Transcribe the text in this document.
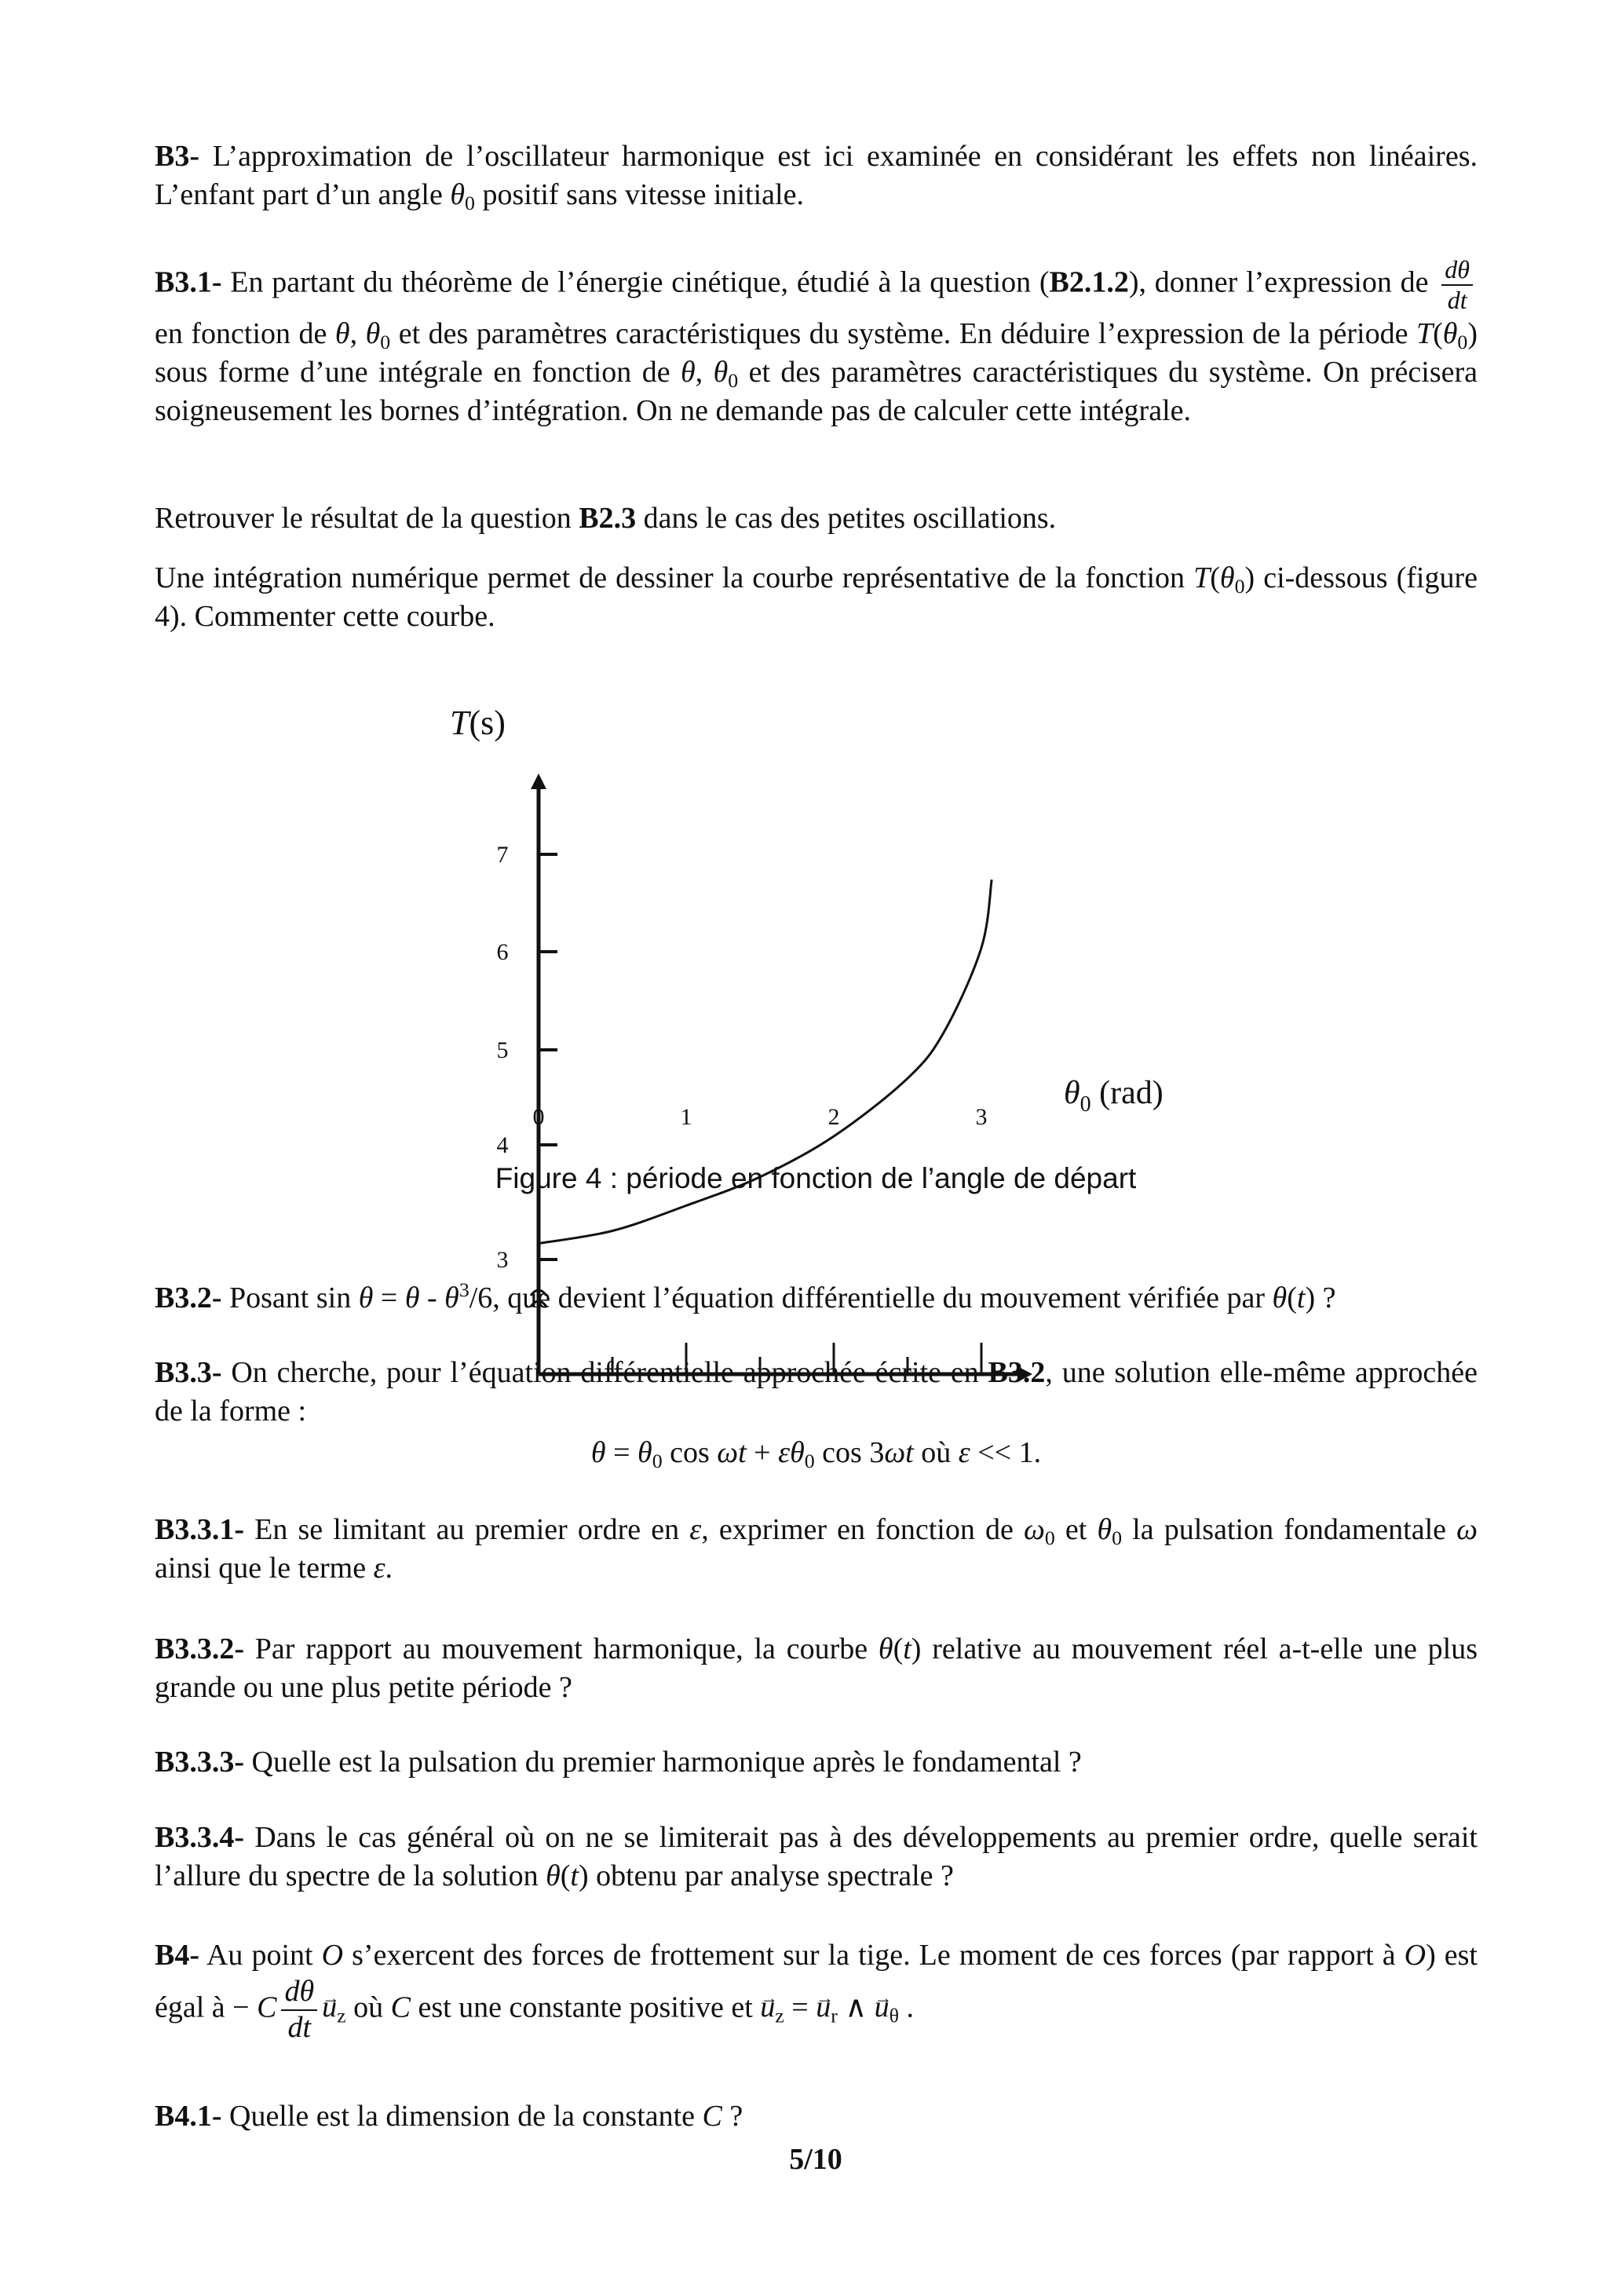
B3- L’approximation de l’oscillateur harmonique est ici examinée en considérant les effets non linéaires. L’enfant part d’un angle $\theta_0$ positif sans vitesse initiale.
B3.1- En partant du théorème de l’énergie cinétique, étudié à la question (B2.1.2), donner l’expression de $\frac{d\theta}{dt}$
en fonction de θ, $\theta_0$ et des paramètres caractéristiques du système. En déduire l’expression de la période $T(\theta_0)$ sous forme d’une intégrale en fonction de θ, $\theta_0$ et des paramètres caractéristiques du système. On précisera soigneusement les bornes d’intégration. On ne demande pas de calculer cette intégrale.
Retrouver le résultat de la question B2.3 dans le cas des petites oscillations.
Une intégration numérique permet de dessiner la courbe représentative de la fonction $T(\theta_0)$ ci-dessous (figure 4). Commenter cette courbe.
0	1	2	3
3
4
5
6
7
T(s)
$\theta_0$ (rad)
Figure 4 : période en fonction de l’angle de départ
B3.2- Posant $\sin \theta = \theta - \theta^3/6$, que devient l’équation différentielle du mouvement vérifiée par θ(t) ?
B3.3- On cherche, pour l’équation différentielle approchée écrite en B3.2, une solution elle-même approchée de la forme :
$\theta = \theta_0$ $\cos \omega t + \varepsilon\theta_0$ cos 3ωt où ε << 1.
B3.3.1- En se limitant au premier ordre en ε, exprimer en fonction de $\omega_0$ et $\theta_0$ la pulsation fondamentale ω ainsi que le terme ε.
B3.3.2- Par rapport au mouvement harmonique, la courbe θ(t) relative au mouvement réel a-t-elle une plus grande ou une plus petite période ?
B3.3.3- Quelle est la pulsation du premier harmonique après le fondamental ?
B3.3.4- Dans le cas général où on ne se limiterait pas à des développements au premier ordre, quelle serait l’allure du spectre de la solution θ(t) obtenu par analyse spectrale ?
B4- Au point O s’exercent des forces de frottement sur la tige. Le moment de ces forces (par rapport à O) est égal à − C $\frac{d\theta}{dt} \to u_z$ où C est une constante positive et → $u_z$ = → $u_r$ ∧ → $u_\theta$ .
B4.1- Quelle est la dimension de la constante C ?
5/10
